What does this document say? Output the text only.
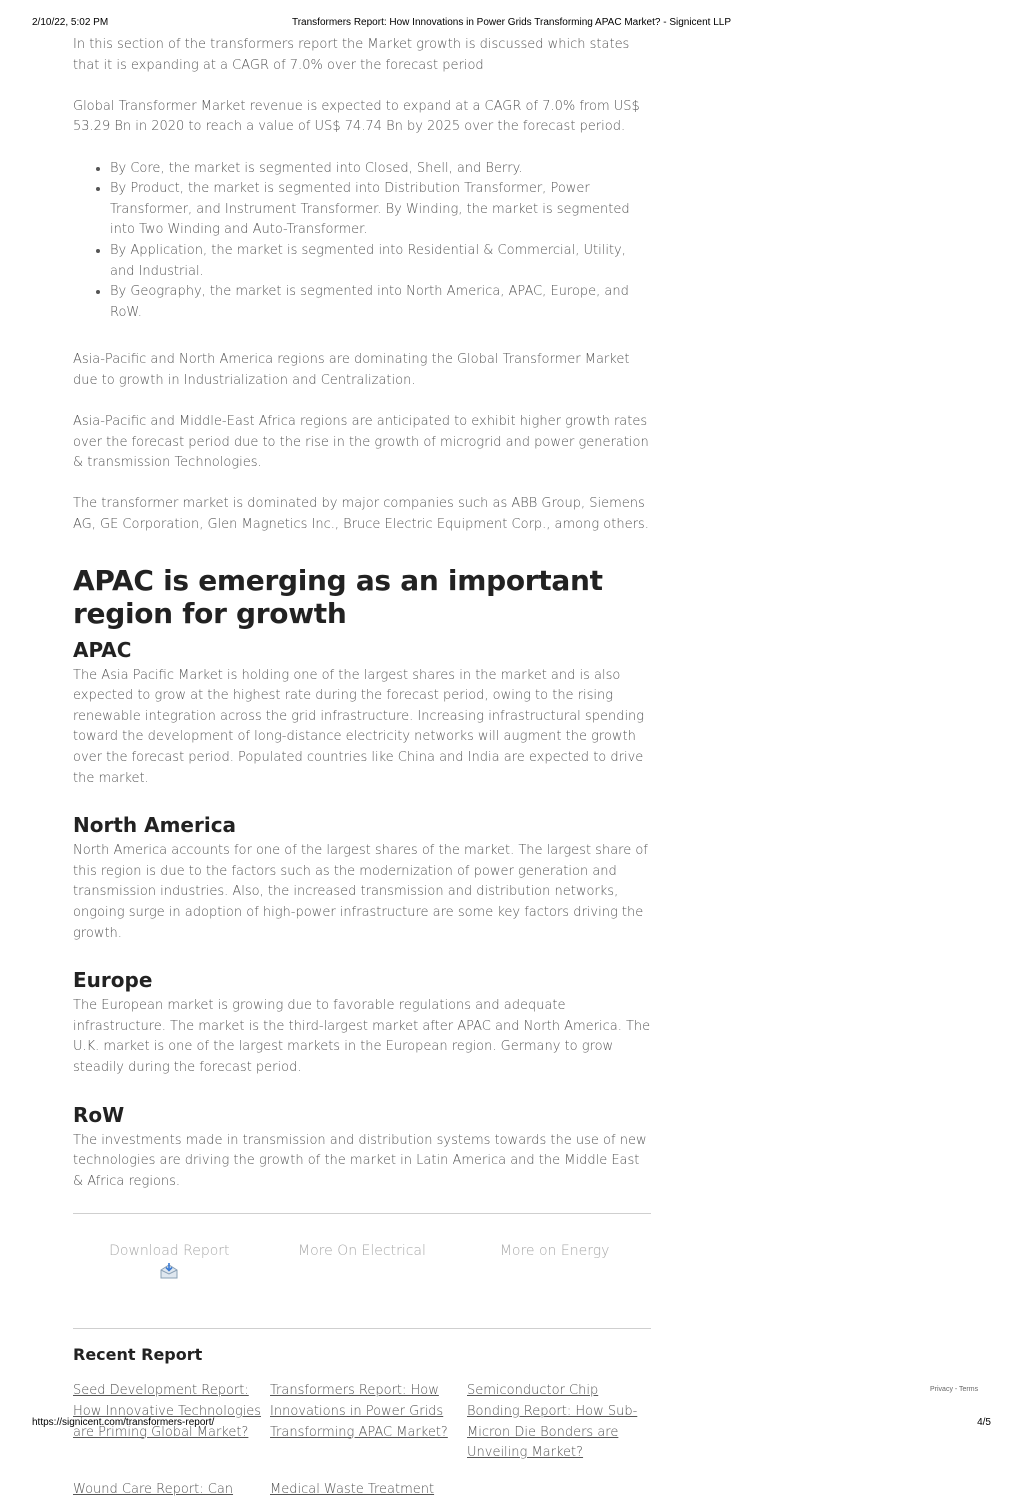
2/10/22, 5:02 PM	Transformers Report: How Innovations in Power Grids Transforming APAC Market? - Signicent LLP

In this section of the transformers report the Market growth is discussed which states that it is expanding at a CAGR of 7.0% over the forecast period

Global Transformer Market revenue is expected to expand at a CAGR of 7.0% from US$ 53.29 Bn in 2020 to reach a value of US$ 74.74 Bn by 2025 over the forecast period.

• By Core, the market is segmented into Closed, Shell, and Berry.
• By Product, the market is segmented into Distribution Transformer, Power Transformer, and Instrument Transformer. By Winding, the market is segmented into Two Winding and Auto-Transformer.
• By Application, the market is segmented into Residential & Commercial, Utility, and Industrial.
• By Geography, the market is segmented into North America, APAC, Europe, and RoW.

Asia-Pacific and North America regions are dominating the Global Transformer Market due to growth in Industrialization and Centralization.

Asia-Pacific and Middle-East Africa regions are anticipated to exhibit higher growth rates over the forecast period due to the rise in the growth of microgrid and power generation & transmission Technologies.

The transformer market is dominated by major companies such as ABB Group, Siemens AG, GE Corporation, Glen Magnetics Inc., Bruce Electric Equipment Corp., among others.

APAC is emerging as an important region for growth
APAC

The Asia Pacific Market is holding one of the largest shares in the market and is also expected to grow at the highest rate during the forecast period, owing to the rising renewable integration across the grid infrastructure. Increasing infrastructural spending toward the development of long-distance electricity networks will augment the growth over the forecast period. Populated countries like China and India are expected to drive the market.

North America

North America accounts for one of the largest shares of the market. The largest share of this region is due to the factors such as the modernization of power generation and transmission industries. Also, the increased transmission and distribution networks, ongoing surge in adoption of high-power infrastructure are some key factors driving the growth.

Europe

The European market is growing due to favorable regulations and adequate infrastructure. The market is the third-largest market after APAC and North America. The U.K. market is one of the largest markets in the European region. Germany to grow steadily during the forecast period.

RoW

The investments made in transmission and distribution systems towards the use of new technologies are driving the growth of the market in Latin America and the Middle East & Africa regions.

Download Report	More On Electrical	More on Energy
Recent Report
Seed Development Report: How Innovative Technologies are Priming Global Market?
Transformers Report: How Innovations in Power Grids Transforming APAC Market?
Semiconductor Chip Bonding Report: How Sub-Micron Die Bonders are Unveiling Market?
Wound Care Report: Can	Medical Waste Treatment
Privacy - Terms
https://signicent.com/transformers-report/	4/5
